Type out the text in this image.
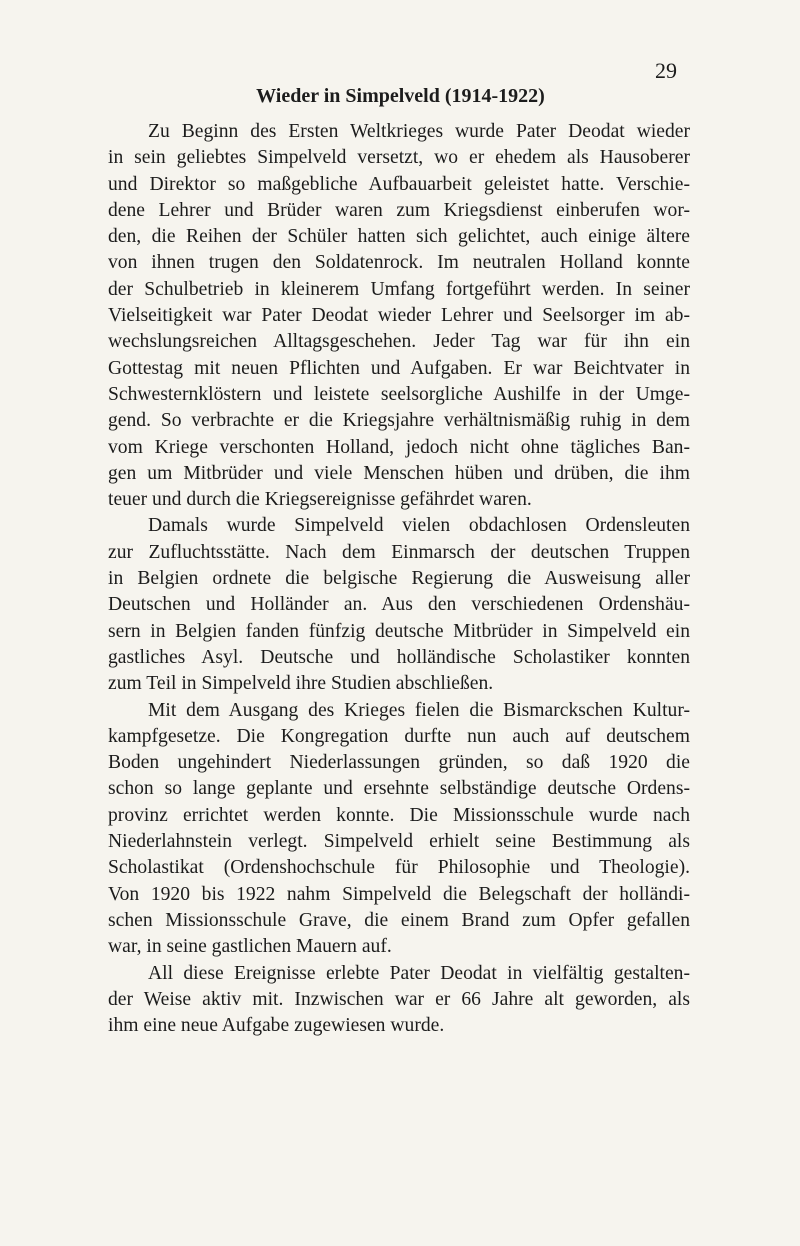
29
Wieder in Simpelveld (1914-1922)
Zu Beginn des Ersten Weltkrieges wurde Pater Deodat wieder
in sein geliebtes Simpelveld versetzt, wo er ehedem als Hausoberer
und Direktor so maßgebliche Aufbauarbeit geleistet hatte. Verschie-
dene Lehrer und Brüder waren zum Kriegsdienst einberufen wor-
den, die Reihen der Schüler hatten sich gelichtet, auch einige ältere
von ihnen trugen den Soldatenrock. Im neutralen Holland konnte
der Schulbetrieb in kleinerem Umfang fortgeführt werden. In seiner
Vielseitigkeit war Pater Deodat wieder Lehrer und Seelsorger im ab-
wechslungsreichen Alltagsgeschehen. Jeder Tag war für ihn ein
Gottestag mit neuen Pflichten und Aufgaben. Er war Beichtvater in
Schwesternklöstern und leistete seelsorgliche Aushilfe in der Umge-
gend. So verbrachte er die Kriegsjahre verhältnismäßig ruhig in dem
vom Kriege verschonten Holland, jedoch nicht ohne tägliches Ban-
gen um Mitbrüder und viele Menschen hüben und drüben, die ihm
teuer und durch die Kriegsereignisse gefährdet waren.
Damals wurde Simpelveld vielen obdachlosen Ordensleuten
zur Zufluchtsstätte. Nach dem Einmarsch der deutschen Truppen
in Belgien ordnete die belgische Regierung die Ausweisung aller
Deutschen und Holländer an. Aus den verschiedenen Ordenshäu-
sern in Belgien fanden fünfzig deutsche Mitbrüder in Simpelveld ein
gastliches Asyl. Deutsche und holländische Scholastiker konnten
zum Teil in Simpelveld ihre Studien abschließen.
Mit dem Ausgang des Krieges fielen die Bismarckschen Kultur-
kampfgesetze. Die Kongregation durfte nun auch auf deutschem
Boden ungehindert Niederlassungen gründen, so daß 1920 die
schon so lange geplante und ersehnte selbständige deutsche Ordens-
provinz errichtet werden konnte. Die Missionsschule wurde nach
Niederlahnstein verlegt. Simpelveld erhielt seine Bestimmung als
Scholastikat (Ordenshochschule für Philosophie und Theologie).
Von 1920 bis 1922 nahm Simpelveld die Belegschaft der holländi-
schen Missionsschule Grave, die einem Brand zum Opfer gefallen
war, in seine gastlichen Mauern auf.
All diese Ereignisse erlebte Pater Deodat in vielfältig gestalten-
der Weise aktiv mit. Inzwischen war er 66 Jahre alt geworden, als
ihm eine neue Aufgabe zugewiesen wurde.
